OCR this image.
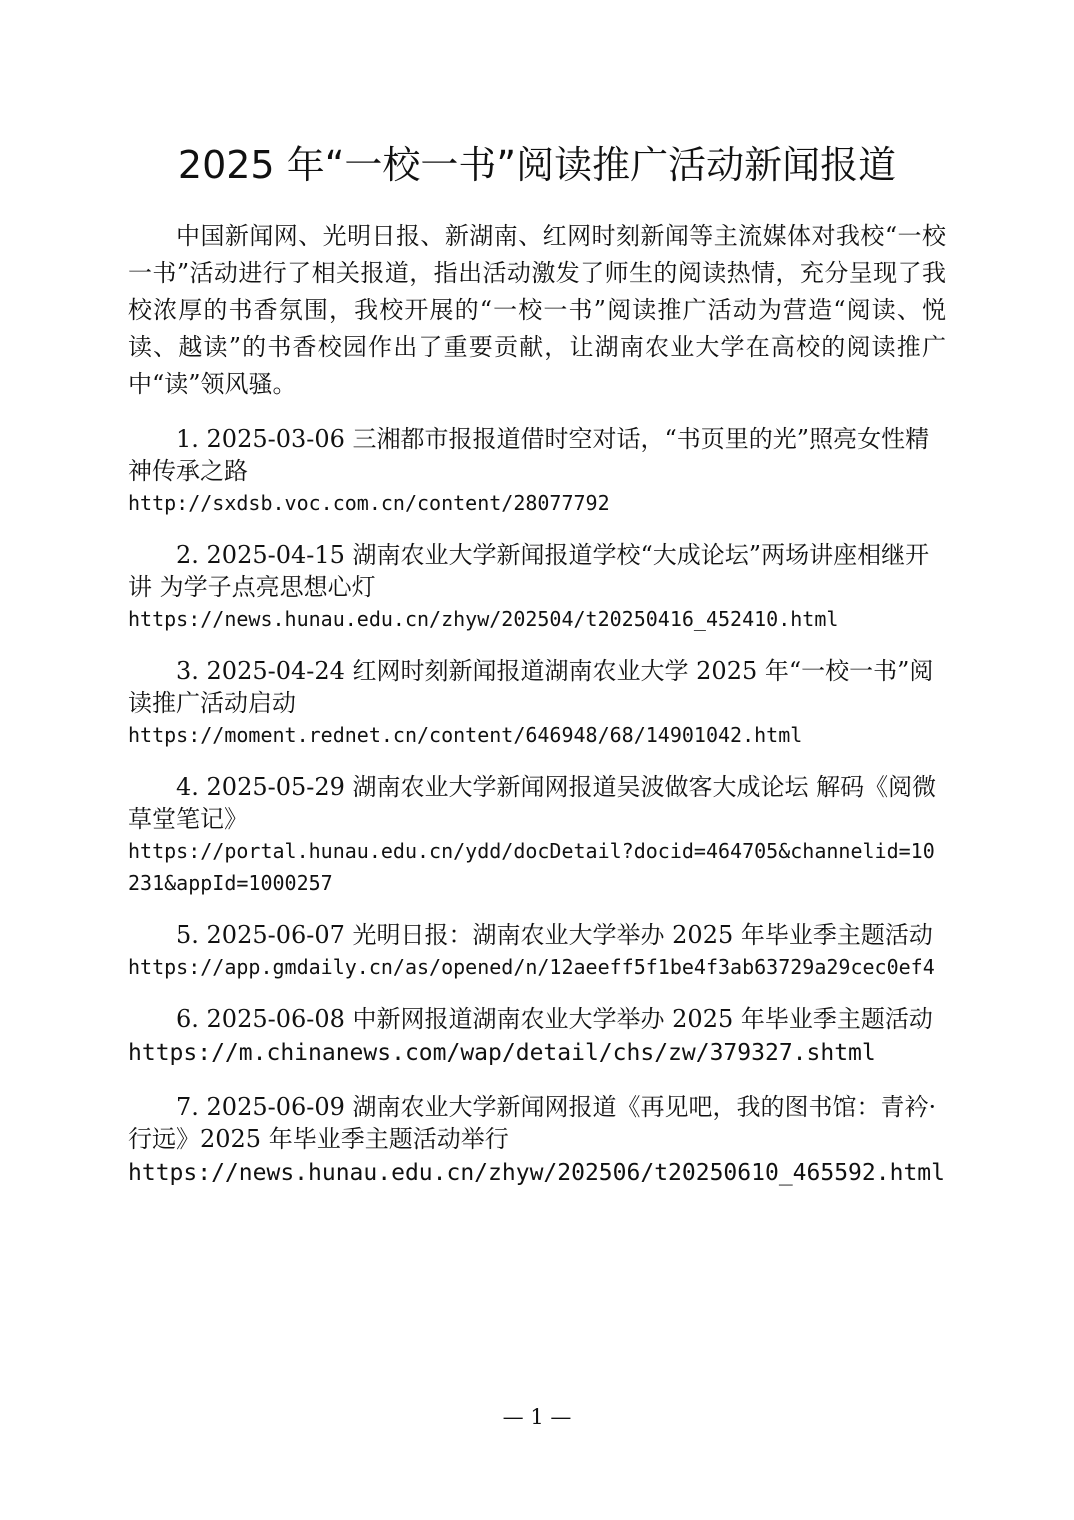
2025 年“一校一书”阅读推广活动新闻报道

中国新闻网、光明日报、新湖南、红网时刻新闻等主流媒体对我校“一校一书”活动进行了相关报道，指出活动激发了师生的阅读热情，充分呈现了我校浓厚的书香氛围，我校开展的“一校一书”阅读推广活动为营造“阅读、悦读、越读”的书香校园作出了重要贡献，让湖南农业大学在高校的阅读推广中“读”领风骚。

1. 2025-03-06 三湘都市报报道借时空对话，“书页里的光”照亮女性精神传承之路

http://sxdsb.voc.com.cn/content/28077792

2. 2025-04-15 湖南农业大学新闻报道学校“大成论坛”两场讲座相继开讲 为学子点亮思想心灯

https://news.hunau.edu.cn/zhyw/202504/t20250416_452410.html

3. 2025-04-24 红网时刻新闻报道湖南农业大学 2025 年“一校一书”阅读推广活动启动

https://moment.rednet.cn/content/646948/68/14901042.html

4. 2025-05-29 湖南农业大学新闻网报道吴波做客大成论坛 解码《阅微草堂笔记》

https://portal.hunau.edu.cn/ydd/docDetail?docid=464705&channelid=10231&appId=1000257

5. 2025-06-07 光明日报：湖南农业大学举办 2025 年毕业季主题活动

https://app.gmdaily.cn/as/opened/n/12aeeff5f1be4f3ab63729a29cec0ef4

6. 2025-06-08 中新网报道湖南农业大学举办 2025 年毕业季主题活动

https://m.chinanews.com/wap/detail/chs/zw/379327.shtml

7. 2025-06-09 湖南农业大学新闻网报道《再见吧，我的图书馆：青衿·行远》2025 年毕业季主题活动举行

https://news.hunau.edu.cn/zhyw/202506/t20250610_465592.html

— 1 —
